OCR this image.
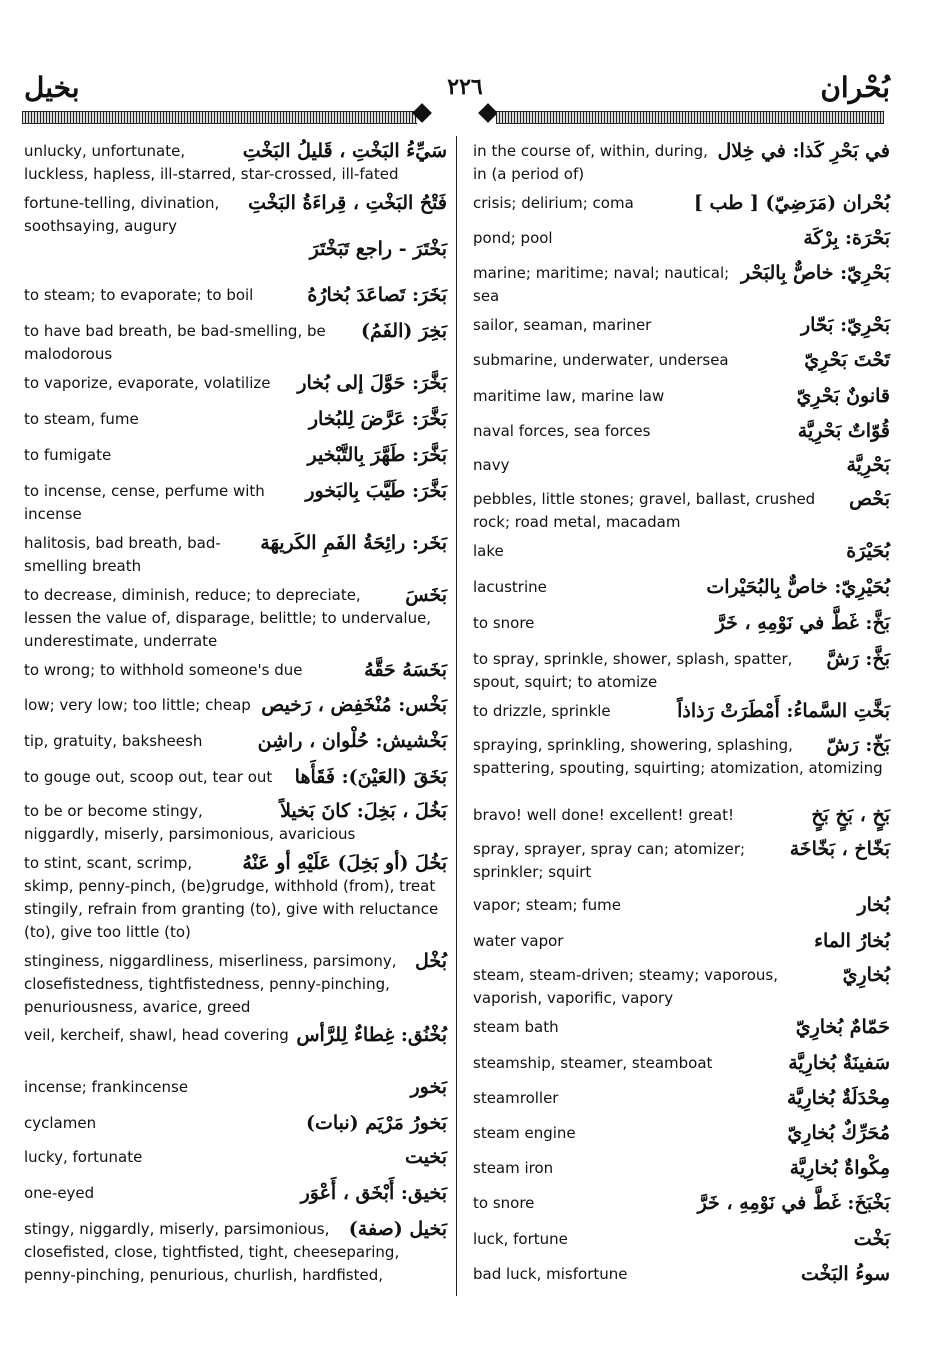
بخيل	٢٢٦	بُحْران
سَيِّءُ البَخْتِ ، قَليلُ البَخْتِ
unlucky, unfortunate, luckless, hapless, ill-starred, star-crossed, ill-fated
فَتْحُ البَخْتِ ، قِراءَةُ البَخْتِ
fortune-telling, divination, soothsaying, augury
بَخْتَرَ - راجع تَبَخْتَرَ
بَخَرَ: تَصاعَدَ بُخارُهُ
to steam; to evaporate; to boil
بَخِرَ (الفَمُ)
to have bad breath, be bad-smelling, be malodorous
بَخَّرَ: حَوَّلَ إلى بُخار
to vaporize, evaporate, volatilize
بَخَّرَ: عَرَّضَ لِلبُخار
to steam, fume
بَخَّرَ: طَهَّرَ بِالتَّبْخير
to fumigate
بَخَّرَ: طَيَّبَ بِالبَخور
to incense, cense, perfume with incense
بَخَر: رائِحَةُ الفَمِ الكَريهَة
halitosis, bad breath, bad-smelling breath
بَخَسَ
to decrease, diminish, reduce; to depreciate, lessen the value of, disparage, belittle; to undervalue, underestimate, underrate
بَخَسَهُ حَقَّهُ
to wrong; to withhold someone's due
بَخْس: مُنْخَفِض ، رَخيص
low; very low; too little; cheap
بَخْشيش: حُلْوان ، راشِن
tip, gratuity, baksheesh
بَخَقَ (العَيْنَ): فَقَأَها
to gouge out, scoop out, tear out
بَخُلَ ، بَخِلَ: كانَ بَخيلاً
to be or become stingy, niggardly, miserly, parsimonious, avaricious
بَخُلَ (أو بَخِلَ) عَلَيْهِ أو عَنْهُ
to stint, scant, scrimp, skimp, penny-pinch, (be)grudge, withhold (from), treat stingily, refrain from granting (to), give with reluctance (to), give too little (to)
بُخْل
stinginess, niggardliness, miserliness, parsimony, closefistedness, tightfistedness, penny-pinching, penuriousness, avarice, greed
بُخْنُق: غِطاءٌ لِلرَّأس
veil, kercheif, shawl, head covering
بَخور
incense; frankincense
بَخورُ مَرْيَم (نبات)
cyclamen
بَخيت
lucky, fortunate
بَخيق: أَبْخَق ، أَعْوَر
one-eyed
بَخيل (صفة)
stingy, niggardly, miserly, parsimonious, closefisted, close, tightfisted, tight, cheeseparing, penny-pinching, penurious, churlish, hardfisted,
في بَحْرِ كَذا: في خِلال
in the course of, within, during, in (a period of)
بُحْران (مَرَضِيّ) [ طب ]
crisis; delirium; coma
بَحْرَة: بِرْكَة
pond; pool
بَحْرِيّ: خاصٌّ بِالبَحْر
marine; maritime; naval; nautical; sea
بَحْرِيّ: بَحّار
sailor, seaman, mariner
تَحْتَ بَحْرِيّ
submarine, underwater, undersea
قانونٌ بَحْرِيّ
maritime law, marine law
قُوّاتٌ بَحْرِيَّة
naval forces, sea forces
بَحْرِيَّة
navy
بَحْص
pebbles, little stones; gravel, ballast, crushed rock; road metal, macadam
بُحَيْرَة
lake
بُحَيْرِيّ: خاصٌّ بِالبُحَيْرات
lacustrine
بَخَّ: غَطَّ في نَوْمِهِ ، خَرَّ
to snore
بَخَّ: رَشَّ
to spray, sprinkle, shower, splash, spatter, spout, squirt; to atomize
بَخَّتِ السَّماءُ: أَمْطَرَتْ رَذاذاً
to drizzle, sprinkle
بَخّ: رَشّ
spraying, sprinkling, showering, splashing, spattering, spouting, squirting; atomization, atomizing
بَخٍ ، بَخٍ بَخٍ
bravo! well done! excellent! great!
بَخّاخ ، بَخّاخَة
spray, sprayer, spray can; atomizer; sprinkler; squirt
بُخار
vapor; steam; fume
بُخارُ الماء
water vapor
بُخارِيّ
steam, steam-driven; steamy; vaporous, vaporish, vaporific, vapory
حَمّامٌ بُخارِيّ
steam bath
سَفينَةٌ بُخارِيَّة
steamship, steamer, steamboat
مِحْدَلَةٌ بُخارِيَّة
steamroller
مُحَرِّكٌ بُخارِيّ
steam engine
مِكْواةٌ بُخارِيَّة
steam iron
بَخْبَخَ: غَطَّ في نَوْمِهِ ، خَرَّ
to snore
بَخْت
luck, fortune
سوءُ البَخْت
bad luck, misfortune
